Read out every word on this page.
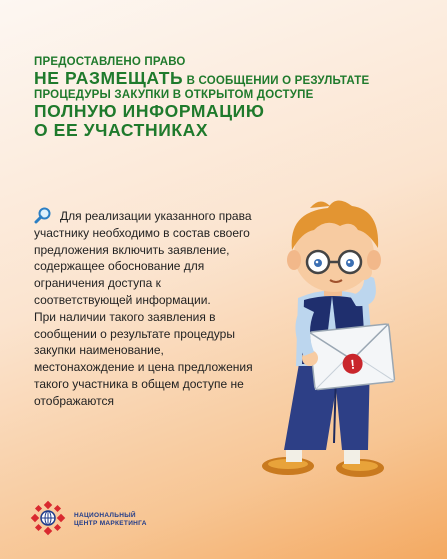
ПРЕДОСТАВЛЕНО ПРАВО
НЕ РАЗМЕЩАТЬ В СООБЩЕНИИ О РЕЗУЛЬТАТЕ
ПРОЦЕДУРЫ ЗАКУПКИ В ОТКРЫТОМ ДОСТУПЕ
ПОЛНУЮ ИНФОРМАЦИЮ
О ЕЕ УЧАСТНИКАХ

Для реализации указанного права участнику необходимо в состав своего предложения включить заявление, содержащее обоснование для ограничения доступа к соответствующей информации.

При наличии такого заявления в сообщении о результате процедуры закупки наименование, местонахождение и цена предложения такого участника в общем доступе не отображаются

!
НАЦИОНАЛЬНЫЙ
ЦЕНТР МАРКЕТИНГА
